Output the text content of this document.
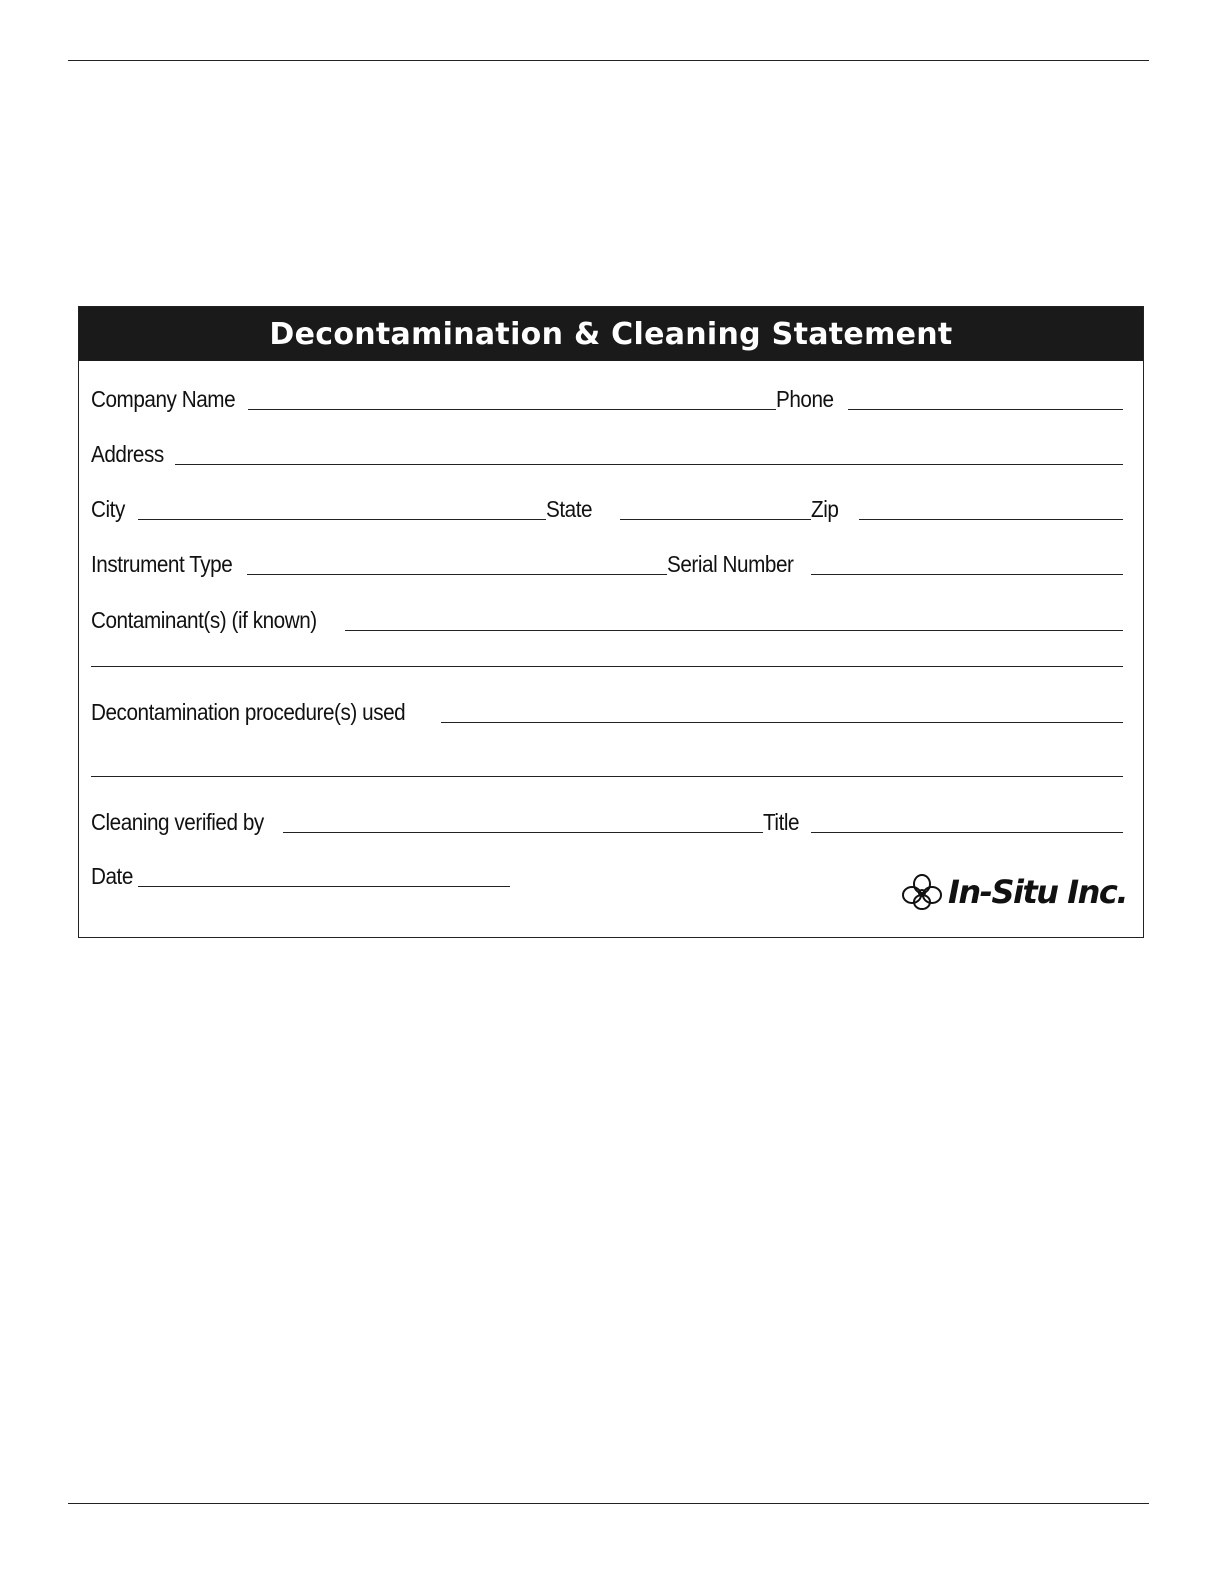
Decontamination & Cleaning Statement
Company Name	Phone
Address
City	State	Zip
Instrument Type	Serial Number
Contaminant(s) (if known)
Decontamination procedure(s) used
Cleaning verified by	Title
Date	In-Situ Inc.
